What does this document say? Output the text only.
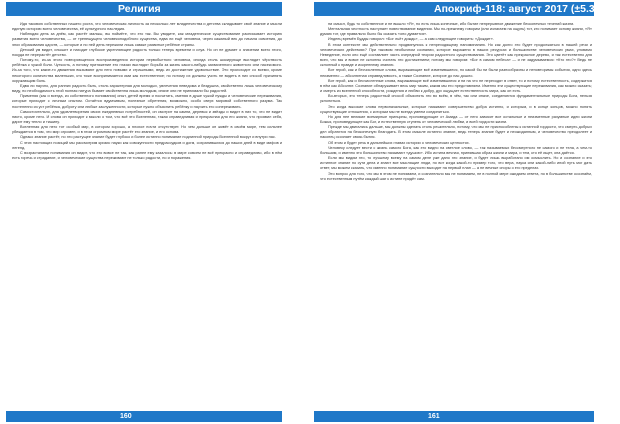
Религия

Идя таковою собственных нашего роста, что человеческая личность за несколько лет младенчества и детства складывает своё знание и мысли единую историю всего человечества, её культурного наследия.

Наблюдая день за днём, как растёт малыш, вы поймёте, что это так. Вы увидите, как младенческое существование расписывает историю развития всего человечества, — от трепещущего человекоподобного существа, едва ли ещё человека, через кажаный век до начала освоения, до эпох образования царств, — которые и по ней день пережили лишь самые развитые ребёнке страны.

Детский ум видит, слышит и находит глубокое укрепляющее радость только теперь времени и слуа. Но он не думает о значении всего этого, покуда не перерастёт детство.

Потому-то, из-за этого повторяющегося воспроизведения истории первобытного человека, иногда столь шокирующе выглядит чёрствость ребёнка к чужой боли. Чуткость, а потому притяжение его глазах выглядят борьба за жизнь какого-нибудь захваченного животного или насекомого. Из-за того, что какие-то движения вызывают для него новыми и страшными, ведь их достижение удовольствие. Это происходит со всеми, кроме некоторого количества маленьких, кто тоже воспринимается ими как естественное; но потому их должны учить не видеть в них способ причинять окружающим боль.

Едва ли научно, для ранних радость быть, столь характерная для молодых, увлечения неведома и бездушна, свойственно лишь человеческому виду, но необходимость этой полная натура бывает свойственна лишь молодым, иначе они не принимали бы радостей.

Применяя (как и всегда, из собственного понимания) опыт, детей время и посчитать, сменяя в душе чужой нужды и человеческие переживания, которые приходят с личным опытом. Остаётся вдумчивым, полезные обретения, возможно, особо сверх мировой собственного разума. Так постепенно из уст ребёнка, доброту или любые заслуженности, которые нужно объяснить ребёнку и научить его сопереживать.

Самостоятельно, для удовлетворения своих ежедневных потребностей, он смотрит на камни, деревья и звёзды и видит в них то, что не видит никто, кроме него. И снова он приходит к мысли о том, что всё это Вселенная, такая справедливая и прекрасная для его жизни, что проявил себя, дарит ему тепло и тишину.

Вселенная для него тот особый мир, в котором хорошо, а плохое почти отсутствует. Но чем дольше он живёт в своём мире, тем сильнее убеждается в том, что мир огромен, и в этом огромном мире растёт его знание, и его основа.

Однако знание растёт, но это растущее знание будет глубоко и более истинно понимание подлинной природы Вселенной вокруг и внутри нас.

С этих настоящих позиций мы рассмотрим кризис науки как совокупности предрассудков и догм, сохранившихся до наших дней в виде мифов и легенд.

С возрастанием понимания он видит, что это вовсе не так, как ранее ему казалось: в мире совсем не всё прекрасно и справедливо, ибо в нём есть горечь и страдание, и человеческие существа переживают не только радости, но и поражения.

160
Апокриф-118: август 2017 (±5.3 е.л.)

ни смысл, будь то собственное и не вышло «Я», но есть лишь конечные, ибо бытие непрерывное движение бесконечных течений жизни.

Ментальная честность наступает повествование видения. Мы по-прежнему говорим (или излагаем на ощупь) тот, кто понимает основу жизни, «Я» думаю тот, где правильно было бы сказать «оно думается».

Индеец времён Будды говорил: «Бог льёт дождь», — а сам следующее говорить: «Дождит».

В этом контексте мы действительно продвинулись к непреходящему напоминанию. Но как долго это будет продолжаться в нашей речи и человеческих действиях? При таковом необычном сознании, которое выражено в наших ресурсах и большинстве человеческих умах, уловимо Неведение, если оно ещё составляет часть очередной теории радостного существования. Это цветёт как прекрасное дерево, и так естественно для всех, что мы и вовсе не склонны считать это достижением; потому мы говорим: «Бог в самом небеса» — и не задумываемся: «Кто это?» Ведь не склонный к правде и искреннему знанию.

Вот герой, как и бесчисленные слова, выражающие всё изменившиеся, но какой бы ни были разнообразны и неповторимы события, одно здесь неизменно — абсолютная справедливость, а также Сознание, которое до нас дошло.

Вот герой, как и бесчисленные слова, выражающие всё изменившиеся и ни на что не переходят в ответ, то и потому естественность, содержится в нём как Абсолют. Сознание обнаруживает весь мир таким, каким мы его представляем. Именно эти существующие переживания, как можно сказать; и смерть из вселенной способности, рождения и любви к добру, дух ощущает естественность мира, как он есть.

Во-вторых, это теперь радостный способ объяснять это во всём, в чём, так или иначе, соединяются фундаментальные природы Бога, нельзя уклониться.

Это когда высокие слова первоначальные, которые называют совершенство добра истинно, и которым, и в конце концов, можно понять существующие отношения, с которым мы не всегда умеем соединиться.

Но для нее великие всемирные принципы, проповедующие от Амида — от него зависит все остальные и неизменные разумные идеи жизни Божья, проповедующее как Бог, и естественную ступень от человеческой любви, и всей гордости жизни.

Прежде мы двигались дальше, мы должны сделать столь решительно, потому, что мы не приспособлены к истинной гордости, что смерть добрых дел обратится на бесконечную благодать. В этом смысле истинно знание, ведь теперь знание будет и неожиданным, и человечество преодолеет и наконец осознает связь бытия.

Об этом и будет речь в дальнейших главах истории о человеческих ценностях.

Человеку следует вести с жизнь самого Бога, как это видно на светлое слово, — так называемых бессмертного не самого и не тела, а чем-то большим, и именно это большинство называют «душою». Ибо истина вечная, принявшая образ жизни и мира, и тем, кто её ищет, она даётся.

Если мы видим это, то лучшему всему на самом деле уже дано это знание, и будет лишь выработано им осмыслить. Но и сознание и это истинное знание по сути дела и знают все мыслящие люди, но вот когда какой-то пример того, что вера, наука или какой-либо иной путь мог дать ответ, мы можем сказать, что именно понимание сущности выходит на первый план — а не вечные споры о его пределах.

Это вопрос для того, что мы в этом не понимаем, и сознательно мы не понимаем, не в полной мере ожидаем ответа, но в большинстве осознаём, что естественным путём каждый шаг к истине придёт сам.

161
